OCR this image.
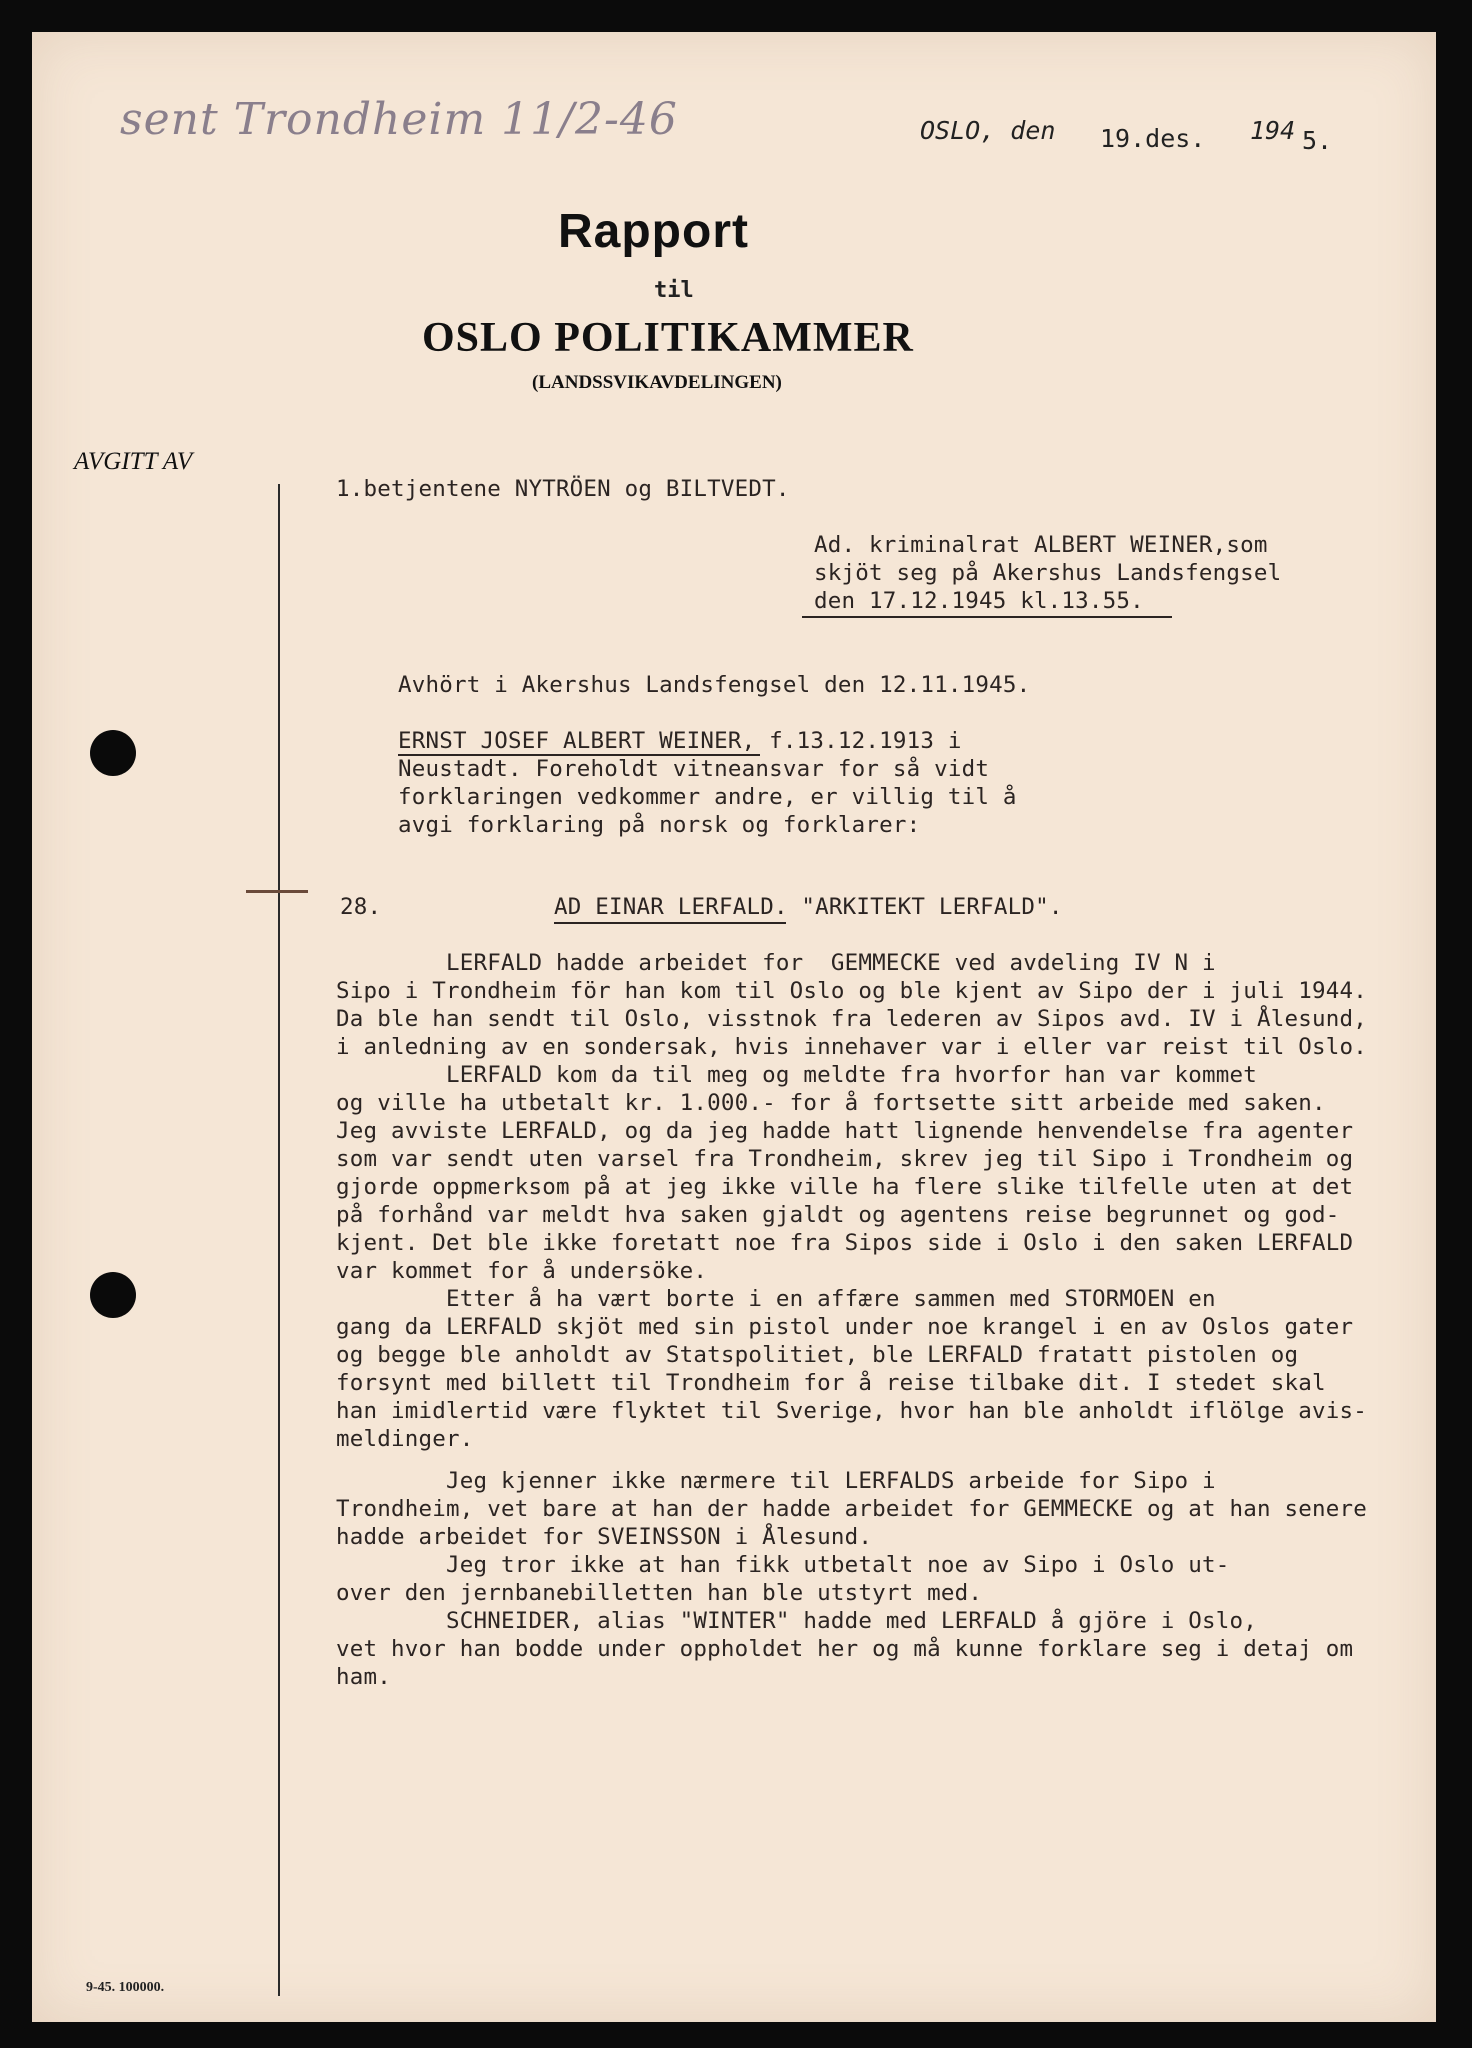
sent Trondheim 11/2-46	OSLO, den 19.des. 194 5.
Rapport
til
OSLO POLITIKAMMER
(LANDSSVIKAVDELINGEN)
AVGITT AV
1.betjentene NYTRÖEN og BILTVEDT.
Ad. kriminalrat ALBERT WEINER,som
skjöt seg på Akershus Landsfengsel
den 17.12.1945 kl.13.55.
Avhört i Akershus Landsfengsel den 12.11.1945.
ERNST JOSEF ALBERT WEINER, f.13.12.1913 i
Neustadt. Foreholdt vitneansvar for så vidt
forklaringen vedkommer andre, er villig til å
avgi forklaring på norsk og forklarer:
28.	AD EINAR LERFALD. "ARKITEKT LERFALD".
LERFALD hadde arbeidet for  GEMMECKE ved avdeling IV N i
Sipo i Trondheim för han kom til Oslo og ble kjent av Sipo der i juli 1944.
Da ble han sendt til Oslo, visstnok fra lederen av Sipos avd. IV i Ålesund,
i anledning av en sondersak, hvis innehaver var i eller var reist til Oslo.
LERFALD kom da til meg og meldte fra hvorfor han var kommet
og ville ha utbetalt kr. 1.000.- for å fortsette sitt arbeide med saken.
Jeg avviste LERFALD, og da jeg hadde hatt lignende henvendelse fra agenter
som var sendt uten varsel fra Trondheim, skrev jeg til Sipo i Trondheim og
gjorde oppmerksom på at jeg ikke ville ha flere slike tilfelle uten at det
på forhånd var meldt hva saken gjaldt og agentens reise begrunnet og god-
kjent. Det ble ikke foretatt noe fra Sipos side i Oslo i den saken LERFALD
var kommet for å undersöke.
Etter å ha vært borte i en affære sammen med STORMOEN en
gang da LERFALD skjöt med sin pistol under noe krangel i en av Oslos gater
og begge ble anholdt av Statspolitiet, ble LERFALD fratatt pistolen og
forsynt med billett til Trondheim for å reise tilbake dit. I stedet skal
han imidlertid være flyktet til Sverige, hvor han ble anholdt iflölge avis-
meldinger.
Jeg kjenner ikke nærmere til LERFALDS arbeide for Sipo i
Trondheim, vet bare at han der hadde arbeidet for GEMMECKE og at han senere
hadde arbeidet for SVEINSSON i Ålesund.
Jeg tror ikke at han fikk utbetalt noe av Sipo i Oslo ut-
over den jernbanebilletten han ble utstyrt med.
SCHNEIDER, alias "WINTER" hadde med LERFALD å gjöre i Oslo,
vet hvor han bodde under oppholdet her og må kunne forklare seg i detaj om
ham.
9-45. 100000.
